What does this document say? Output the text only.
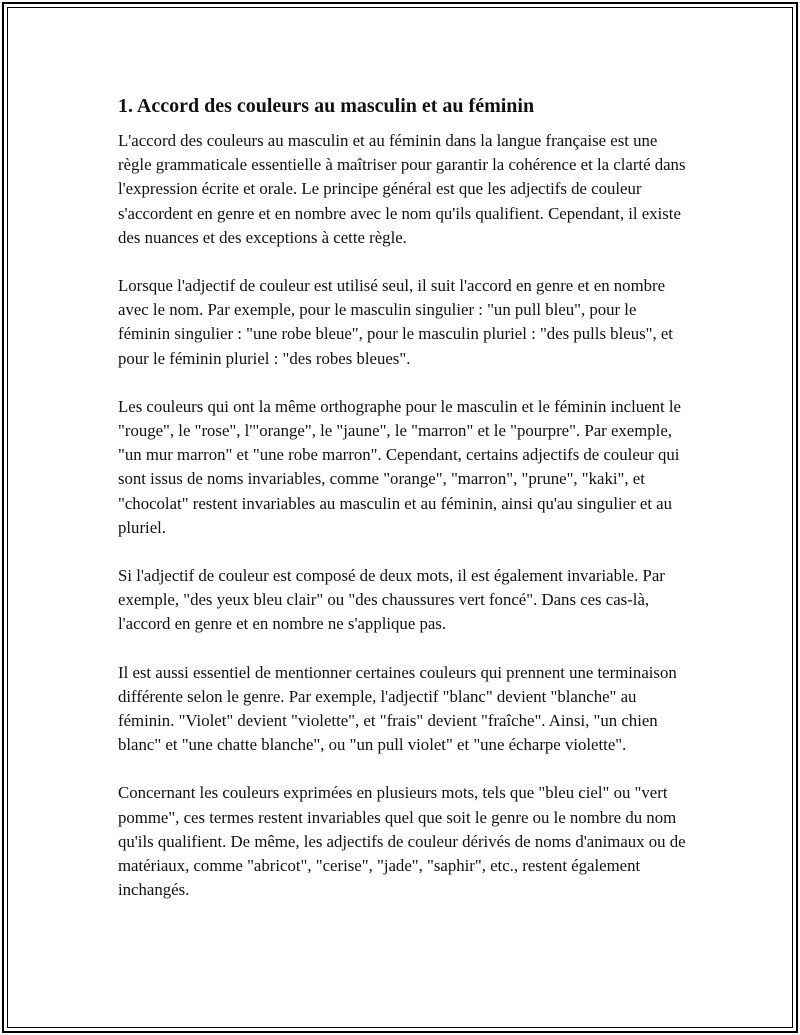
1. Accord des couleurs au masculin et au féminin

L'accord des couleurs au masculin et au féminin dans la langue française est une règle grammaticale essentielle à maîtriser pour garantir la cohérence et la clarté dans l'expression écrite et orale. Le principe général est que les adjectifs de couleur s'accordent en genre et en nombre avec le nom qu'ils qualifient. Cependant, il existe des nuances et des exceptions à cette règle.

Lorsque l'adjectif de couleur est utilisé seul, il suit l'accord en genre et en nombre avec le nom. Par exemple, pour le masculin singulier : "un pull bleu", pour le féminin singulier : "une robe bleue", pour le masculin pluriel : "des pulls bleus", et pour le féminin pluriel : "des robes bleues".

Les couleurs qui ont la même orthographe pour le masculin et le féminin incluent le "rouge", le "rose", l'"orange", le "jaune", le "marron" et le "pourpre". Par exemple, "un mur marron" et "une robe marron". Cependant, certains adjectifs de couleur qui sont issus de noms invariables, comme "orange", "marron", "prune", "kaki", et "chocolat" restent invariables au masculin et au féminin, ainsi qu'au singulier et au pluriel.

Si l'adjectif de couleur est composé de deux mots, il est également invariable. Par exemple, "des yeux bleu clair" ou "des chaussures vert foncé". Dans ces cas-là, l'accord en genre et en nombre ne s'applique pas.

Il est aussi essentiel de mentionner certaines couleurs qui prennent une terminaison différente selon le genre. Par exemple, l'adjectif "blanc" devient "blanche" au féminin. "Violet" devient "violette", et "frais" devient "fraîche". Ainsi, "un chien blanc" et "une chatte blanche", ou "un pull violet" et "une écharpe violette".

Concernant les couleurs exprimées en plusieurs mots, tels que "bleu ciel" ou "vert pomme", ces termes restent invariables quel que soit le genre ou le nombre du nom qu'ils qualifient. De même, les adjectifs de couleur dérivés de noms d'animaux ou de matériaux, comme "abricot", "cerise", "jade", "saphir", etc., restent également inchangés.
